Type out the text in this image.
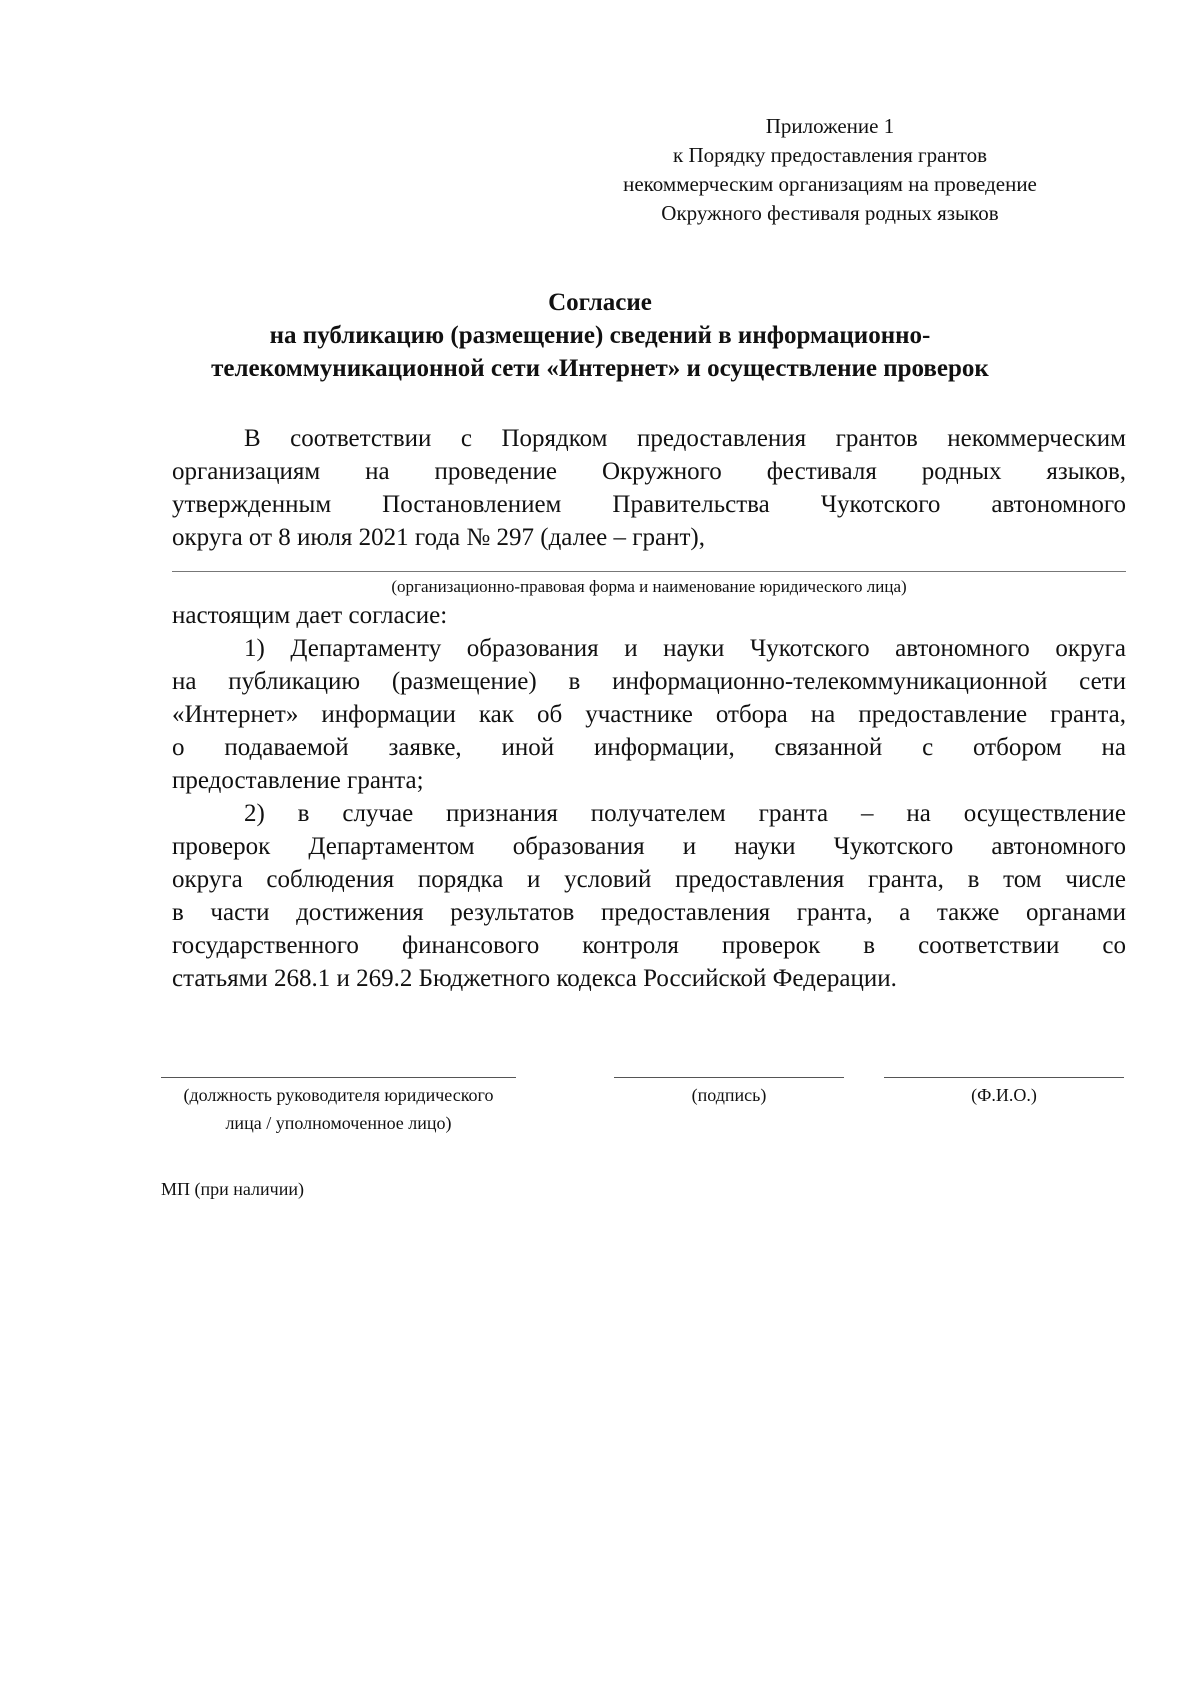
Приложение 1
к Порядку предоставления грантов
некоммерческим организациям на проведение
Окружного фестиваля родных языков
Согласие
на публикацию (размещение) сведений в информационно-
телекоммуникационной сети «Интернет» и осуществление проверок
В соответствии с Порядком предоставления грантов некоммерческим
организациям на проведение Окружного фестиваля родных языков,
утвержденным Постановлением Правительства Чукотского автономного
округа от 8 июля 2021 года № 297 (далее – грант),
(организационно-правовая форма и наименование юридического лица)
настоящим дает согласие:
1) Департаменту образования и науки Чукотского автономного округа
на публикацию (размещение) в информационно-телекоммуникационной сети
«Интернет» информации как об участнике отбора на предоставление гранта,
о подаваемой заявке, иной информации, связанной с отбором на
предоставление гранта;
2) в случае признания получателем гранта – на осуществление
проверок Департаментом образования и науки Чукотского автономного
округа соблюдения порядка и условий предоставления гранта, в том числе
в части достижения результатов предоставления гранта, а также органами
государственного финансового контроля проверок в соответствии со
статьями 268.1 и 269.2 Бюджетного кодекса Российской Федерации.
(должность руководителя юридического
лица / уполномоченное лицо)
(подпись)	(Ф.И.О.)
МП (при наличии)
